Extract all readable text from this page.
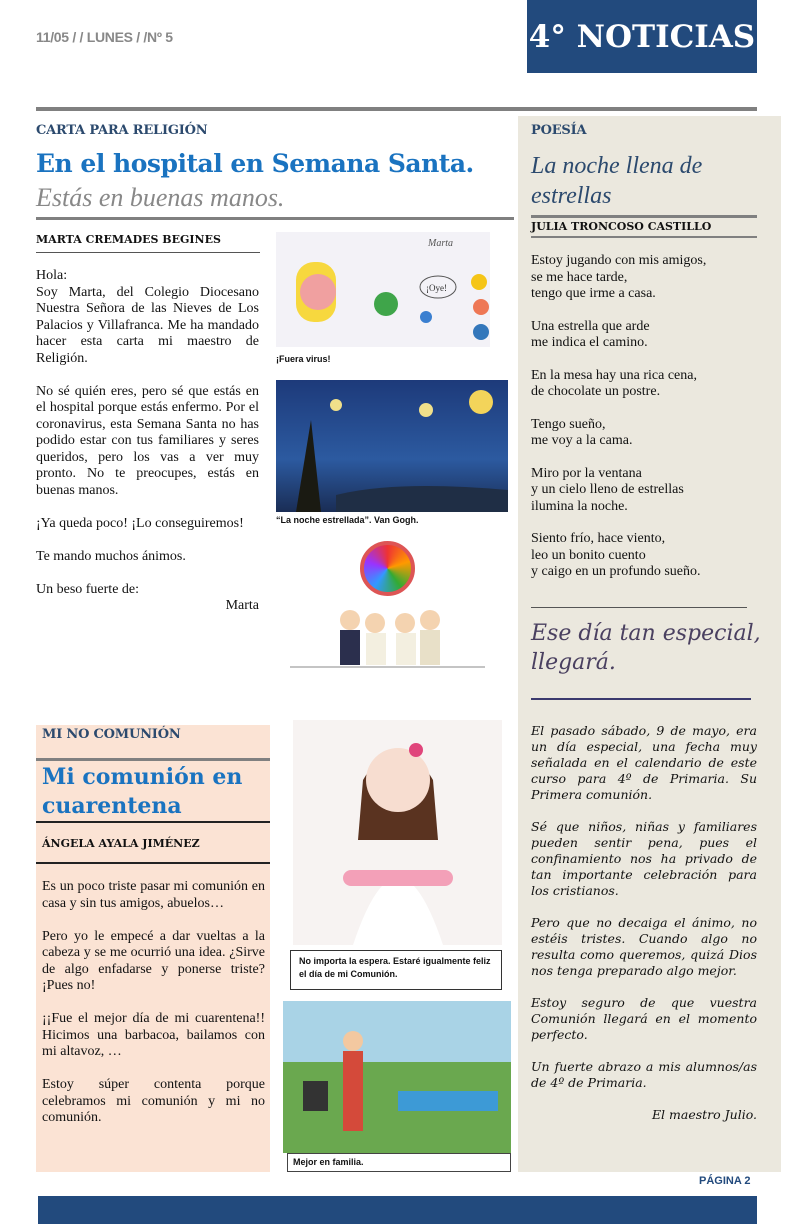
11/05 / / LUNES / /Nº 5	4° NOTICIAS
CARTA PARA RELIGIÓN
En el hospital en Semana Santa.
Estás en buenas manos.
MARTA CREMADES BEGINES

Hola:
Soy Marta, del Colegio Diocesano Nuestra Señora de las Nieves de Los Palacios y Villafranca. Me ha mandado hacer esta carta mi maestro de Religión.

No sé quién eres, pero sé que estás en el hospital porque estás enfermo. Por el coronavirus, esta Semana Santa no has podido estar con tus familiares y seres queridos, pero los vas a ver muy pronto. No te preocupes, estás en buenas manos.

¡Ya queda poco! ¡Lo conseguiremos!

Te mando muchos ánimos.

Un beso fuerte de:

Marta
¡Oye!
Marta
¡Fuera virus!
“La noche estrellada”. Van Gogh.
No importa la espera. Estaré igualmente feliz el día de mi Comunión.
Mejor en familia.
POESÍA
La noche llena de estrellas
JULIA TRONCOSO CASTILLO

Estoy jugando con mis amigos,
se me hace tarde,
tengo que irme a casa.

Una estrella que arde
me indica el camino.

En la mesa hay una rica cena,
de chocolate un postre.

Tengo sueño,
me voy a la cama.

Miro por la ventana
y un cielo lleno de estrellas
ilumina la noche.

Siento frío, hace viento,
leo un bonito cuento
y caigo en un profundo sueño.

Ese día tan especial, llegará.

El pasado sábado, 9 de mayo, era un día especial, una fecha muy señalada en el calendario de este curso para 4º de Primaria. Su Primera comunión.

Sé que niños, niñas y familiares pueden sentir pena, pues el confinamiento nos ha privado de tan importante celebración para los cristianos.

Pero que no decaiga el ánimo, no estéis tristes. Cuando algo no resulta como queremos, quizá Dios nos tenga preparado algo mejor.

Estoy seguro de que vuestra Comunión llegará en el momento perfecto.

Un fuerte abrazo a mis alumnos/as de 4º de Primaria.

El maestro Julio.
MI NO COMUNIÓN
Mi comunión en cuarentena
ÁNGELA AYALA JIMÉNEZ

Es un poco triste pasar mi comunión en casa y sin tus amigos, abuelos…

Pero yo le empecé a dar vueltas a la cabeza y se me ocurrió una idea. ¿Sirve de algo enfadarse y ponerse triste? ¡Pues no!

¡¡Fue el mejor día de mi cuarentena!! Hicimos una barbacoa, bailamos con mi altavoz, …

Estoy súper contenta porque celebramos mi comunión y mi no comunión.

PÁGINA 2
